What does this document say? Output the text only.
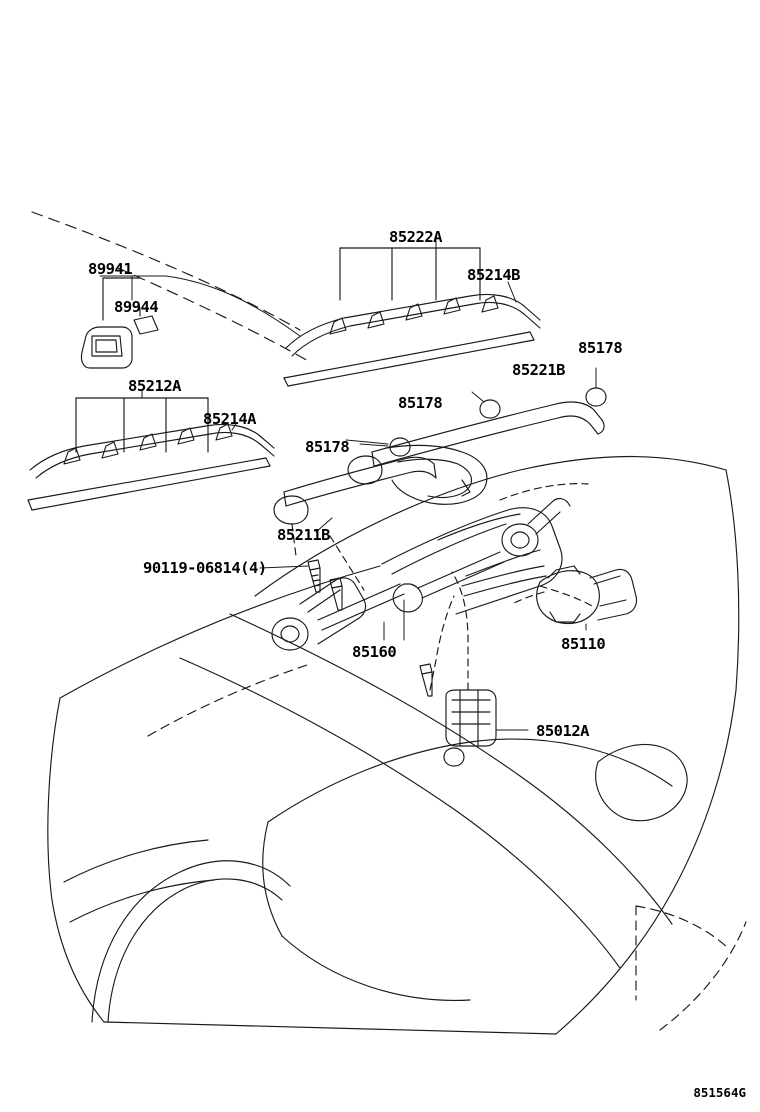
89941
89944
85222A
85214B
85178
85221B
85178
85212A
85214A
85178
85211B
90119-06814(4)
85160	85110
85012A
851564G
